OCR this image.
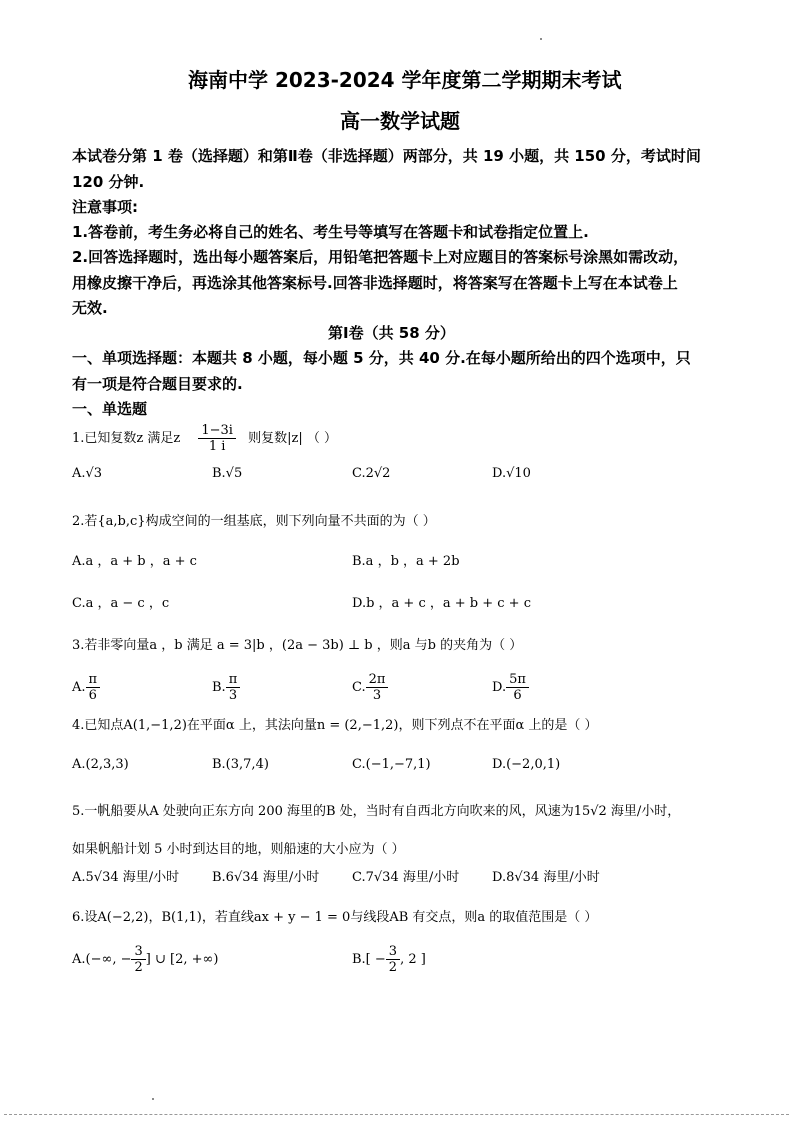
海南中学 2023-2024 学年度第二学期期末考试
高一数学试题
本试卷分第 1 卷（选择题）和第Ⅱ卷（非选择题）两部分，共 19 小题，共 150 分，考试时间
120 分钟.
注意事项:
1.答卷前，考生务必将自己的姓名、考生号等填写在答题卡和试卷指定位置上.
2.回答选择题时，选出每小题答案后，用铅笔把答题卡上对应题目的答案标号涂黑如需改动，
用橡皮擦干净后，再选涂其他答案标号.回答非选择题时，将答案写在答题卡上写在本试卷上
无效.
第Ⅰ卷（共 58 分）
一、单项选择题：本题共 8 小题，每小题 5 分，共 40 分.在每小题所给出的四个选项中，只
有一项是符合题目要求的.
一、单选题
1.已知复数z 满足z $\frac{1-3i}{1 i}$ 则复数|z| （ ）
A.√3	B.√5	C.2√2	D.√10
2.若{a,b,c}构成空间的一组基底，则下列向量不共面的为（ ）
A.a ，a + b ，a + c	B.a ，b ，a + 2b
C.a ，a − c ，c	D.b ，a + c ，a + b + c + c
3.若非零向量a ，b 满足 a = 3|b ，(2a − 3b) ⊥ b ，则a 与b 的夹角为（ ）
A. $\frac{\pi}{6}$	B. $\frac{\pi}{3}$	C. $\frac{2\pi}{3}$	D. $\frac{5\pi}{6}$
4.已知点A(1,−1,2)在平面α 上，其法向量n = (2,−1,2)，则下列点不在平面α 上的是（ ）
A.(2,3,3)	B.(3,7,4)	C.(−1,−7,1)	D.(−2,0,1)
5.一帆船要从A 处驶向正东方向 200 海里的B 处，当时有自西北方向吹来的风，风速为15√2 海里/小时，
如果帆船计划 5 小时到达目的地，则船速的大小应为（ ）
A.5√34 海里/小时	B.6√34 海里/小时	C.7√34 海里/小时	D.8√34 海里/小时
6.设A(−2,2)，B(1,1)，若直线ax + y − 1 = 0与线段AB 有交点，则a 的取值范围是（ ）
A.(−∞, − $\frac{3}{2}$ ] ∪ [2, +∞)	$B.[ - \frac{3}{2}$ , 2 ]
